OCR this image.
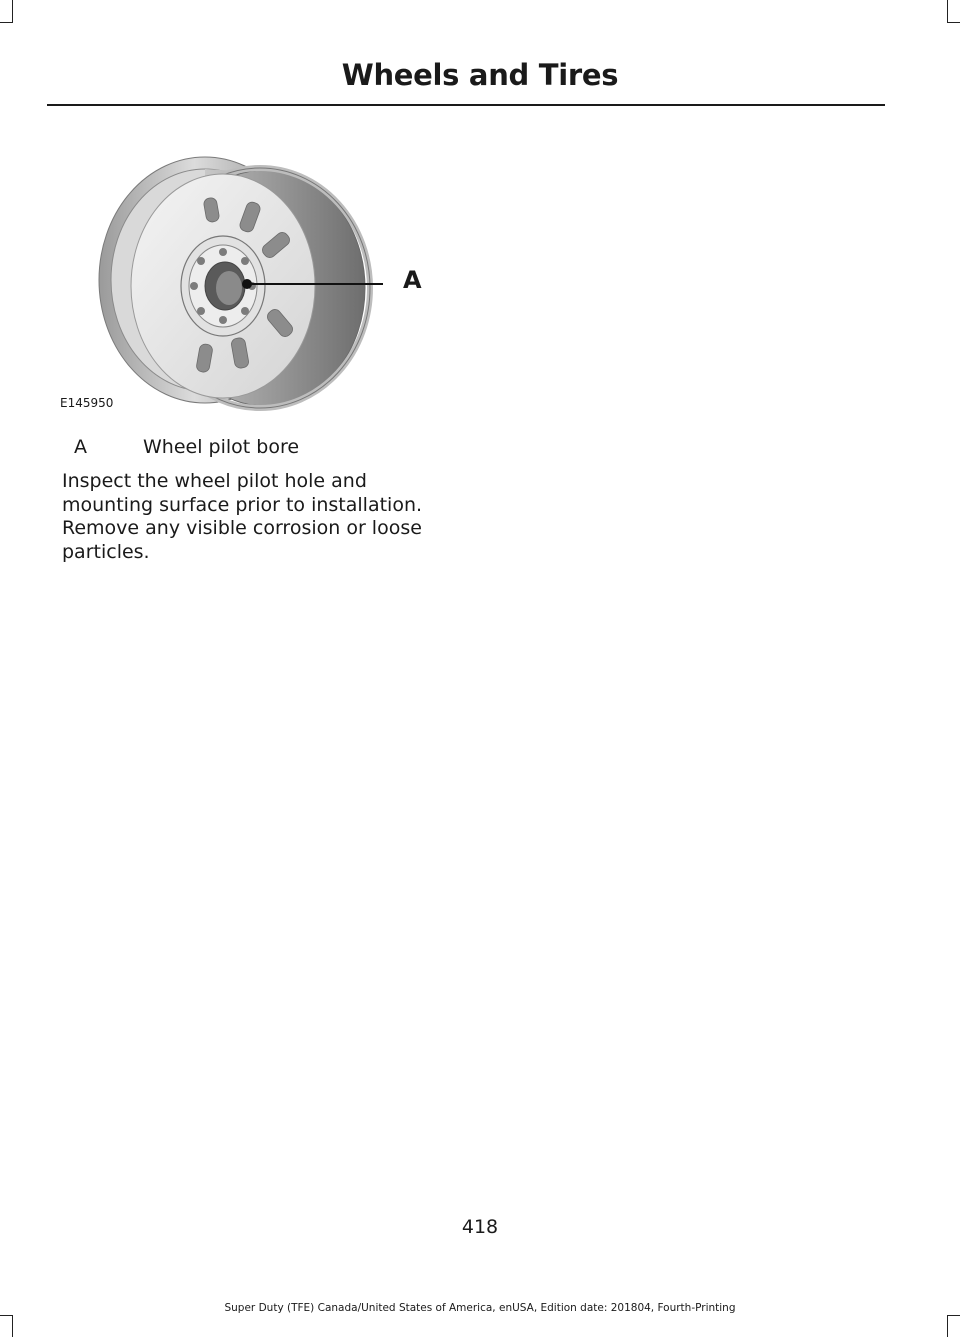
Wheels and Tires
A
E145950
A	Wheel pilot bore

Inspect the wheel pilot hole and mounting surface prior to installation. Remove any visible corrosion or loose particles.

418
Super Duty (TFE) Canada/United States of America, enUSA, Edition date: 201804, Fourth-Printing
